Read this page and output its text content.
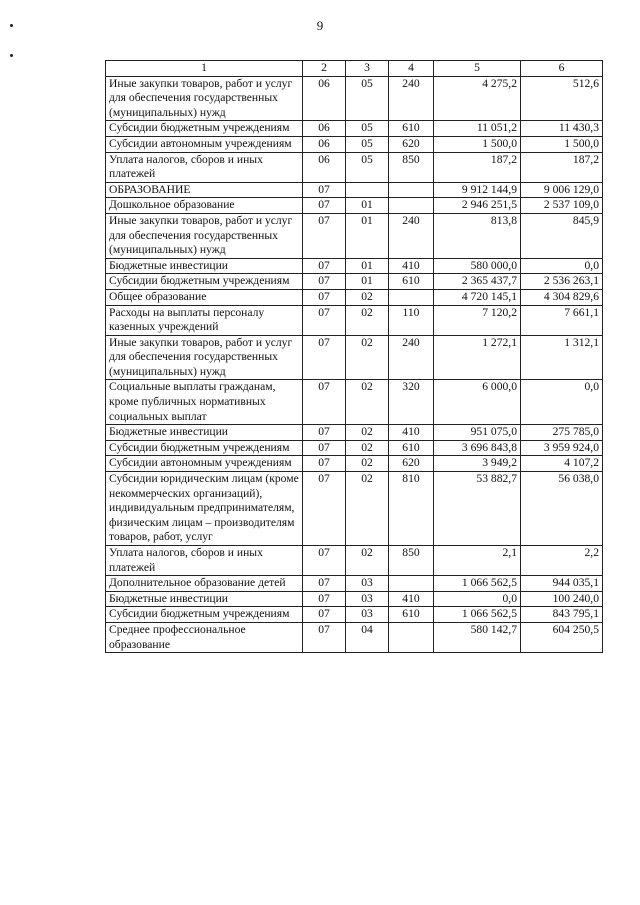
9
1	2	3	4	5	6
Иные закупки товаров, работ и услуг для обеспечения государственных (муниципальных) нужд	06	05	240	4 275,2	512,6
Субсидии бюджетным учреждениям	06	05	610	11 051,2	11 430,3
Субсидии автономным учреждениям	06	05	620	1 500,0	1 500,0
Уплата налогов, сборов и иных платежей	06	05	850	187,2	187,2
ОБРАЗОВАНИЕ	07			9 912 144,9	9 006 129,0
Дошкольное образование	07	01		2 946 251,5	2 537 109,0
Иные закупки товаров, работ и услуг для обеспечения государственных (муниципальных) нужд	07	01	240	813,8	845,9
Бюджетные инвестиции	07	01	410	580 000,0	0,0
Субсидии бюджетным учреждениям	07	01	610	2 365 437,7	2 536 263,1
Общее образование	07	02		4 720 145,1	4 304 829,6
Расходы на выплаты персоналу казенных учреждений	07	02	110	7 120,2	7 661,1
Иные закупки товаров, работ и услуг для обеспечения государственных (муниципальных) нужд	07	02	240	1 272,1	1 312,1
Социальные выплаты гражданам, кроме публичных нормативных социальных выплат	07	02	320	6 000,0	0,0
Бюджетные инвестиции	07	02	410	951 075,0	275 785,0
Субсидии бюджетным учреждениям	07	02	610	3 696 843,8	3 959 924,0
Субсидии автономным учреждениям	07	02	620	3 949,2	4 107,2
Субсидии юридическим лицам (кроме некоммерческих организаций), индивидуальным предпринимателям, физическим лицам – производителям товаров, работ, услуг	07	02	810	53 882,7	56 038,0
Уплата налогов, сборов и иных платежей	07	02	850	2,1	2,2
Дополнительное образование детей	07	03		1 066 562,5	944 035,1
Бюджетные инвестиции	07	03	410	0,0	100 240,0
Субсидии бюджетным учреждениям	07	03	610	1 066 562,5	843 795,1
Среднее профессиональное образование	07	04		580 142,7	604 250,5
